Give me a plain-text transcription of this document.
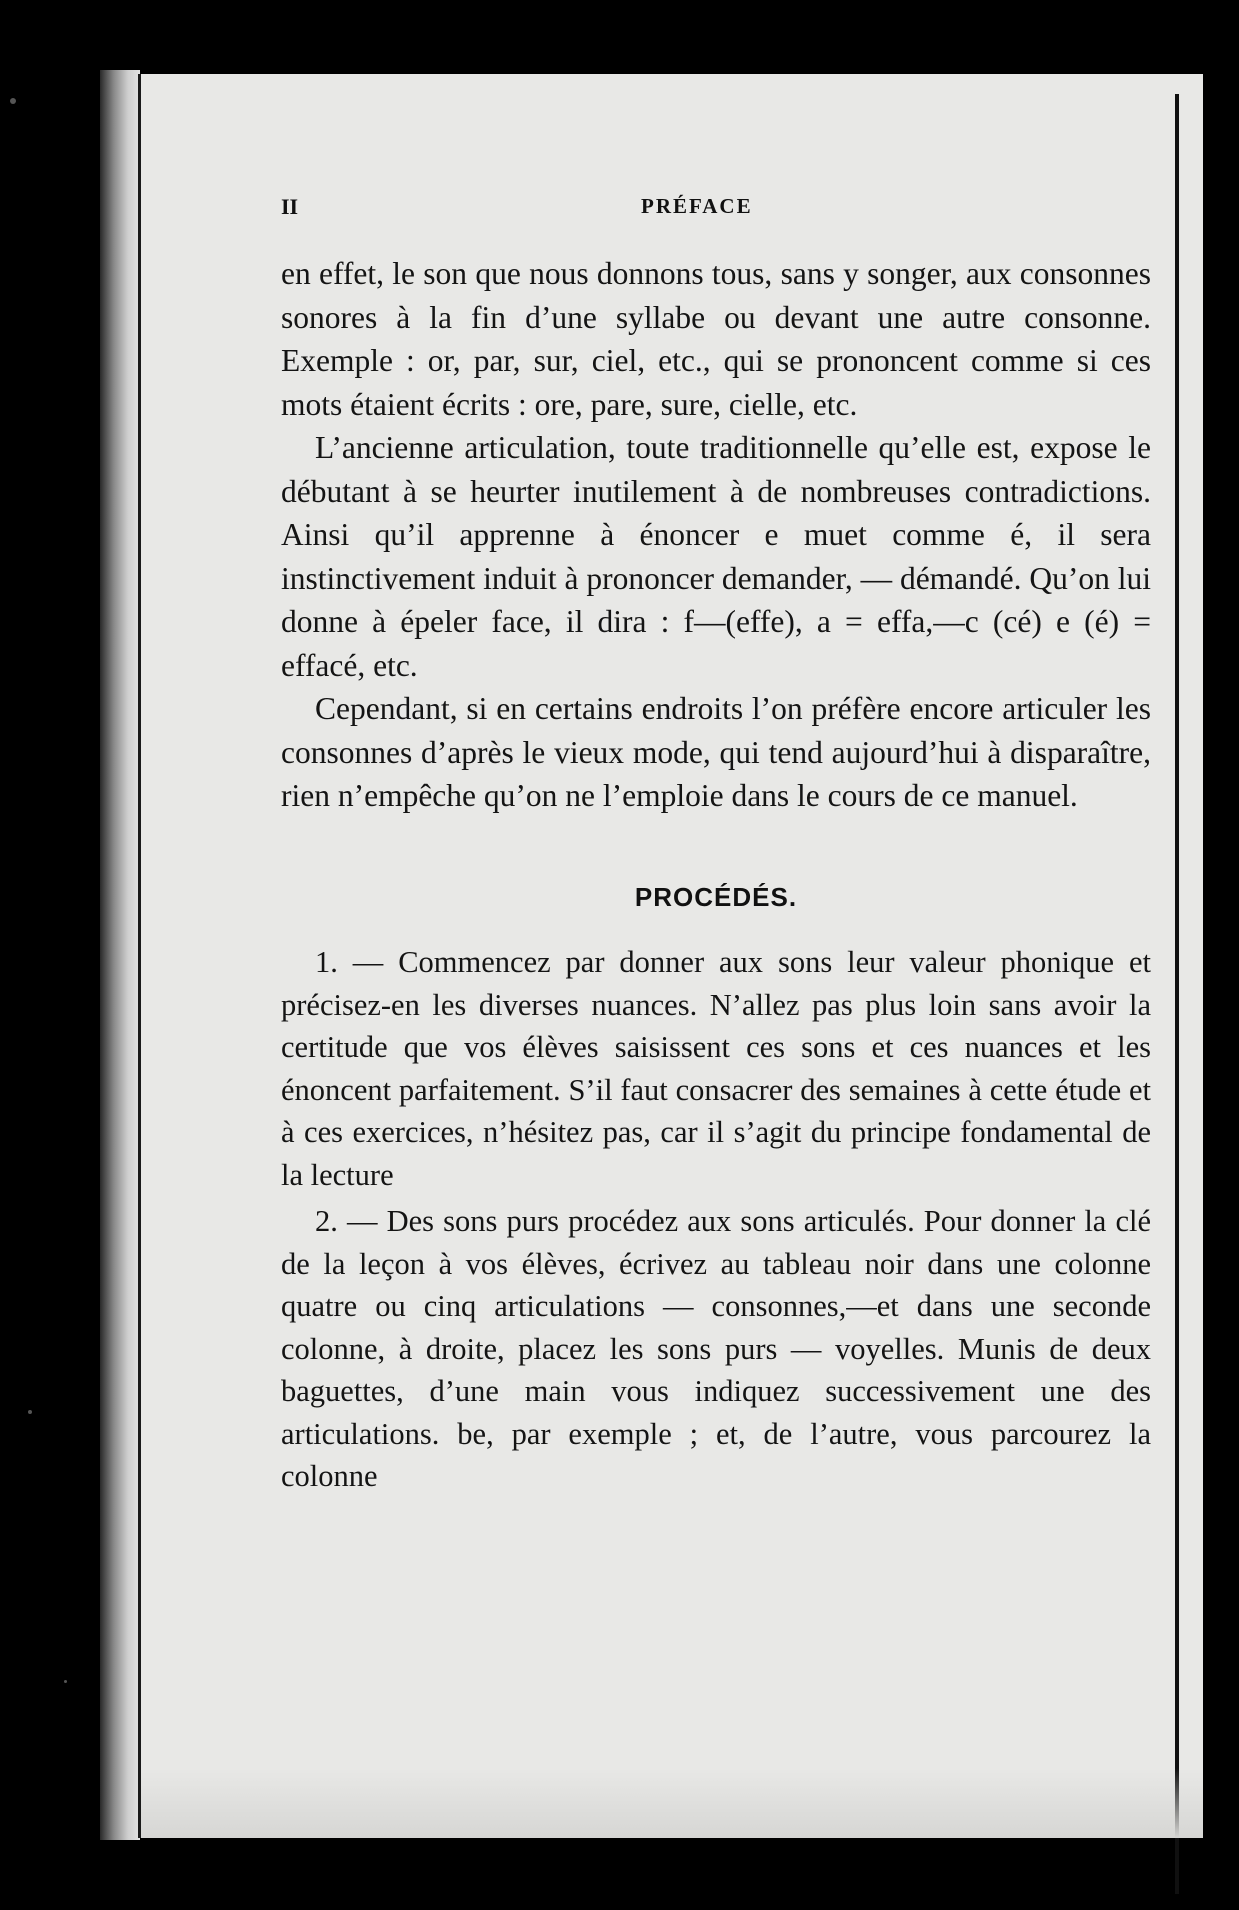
II	PRÉFACE

en effet, le son que nous donnons tous, sans y songer, aux consonnes sonores à la fin d’une syllabe ou devant une autre consonne. Exemple : or, par, sur, ciel, etc., qui se prononcent comme si ces mots étaient écrits : ore, pare, sure, cielle, etc.

L’ancienne articulation, toute traditionnelle qu’elle est, expose le débutant à se heurter inutilement à de nombreuses contradictions. Ainsi qu’il apprenne à énoncer e muet comme é, il sera instinctivement induit à prononcer demander, — démandé. Qu’on lui donne à épeler face, il dira : f—(effe), a = effa,—c (cé) e (é) = effacé, etc.

Cependant, si en certains endroits l’on préfère encore articuler les consonnes d’après le vieux mode, qui tend aujourd’hui à disparaître, rien n’empêche qu’on ne l’emploie dans le cours de ce manuel.

PROCÉDÉS.

1. — Commencez par donner aux sons leur valeur phonique et précisez-en les diverses nuances. N’allez pas plus loin sans avoir la certitude que vos élèves saisissent ces sons et ces nuances et les énoncent parfaitement. S’il faut consacrer des semaines à cette étude et à ces exercices, n’hésitez pas, car il s’agit du principe fondamental de la lecture

2. — Des sons purs procédez aux sons articulés. Pour donner la clé de la leçon à vos élèves, écrivez au tableau noir dans une colonne quatre ou cinq articulations — consonnes,—et dans une seconde colonne, à droite, placez les sons purs — voyelles. Munis de deux baguettes, d’une main vous indiquez successivement une des articulations. be, par exemple ; et, de l’autre, vous parcourez la colonne
